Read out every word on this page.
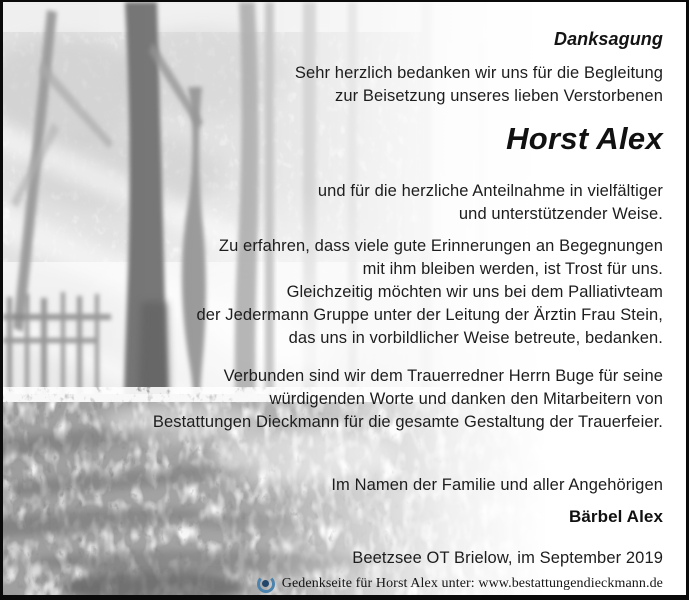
Danksagung
Sehr herzlich bedanken wir uns für die Begleitung
zur Beisetzung unseres lieben Verstorbenen
Horst Alex
und für die herzliche Anteilnahme in vielfältiger
und unterstützender Weise.
Zu erfahren, dass viele gute Erinnerungen an Begegnungen
mit ihm bleiben werden, ist Trost für uns.
Gleichzeitig möchten wir uns bei dem Palliativteam
der Jedermann Gruppe unter der Leitung der Ärztin Frau Stein,
das uns in vorbildlicher Weise betreute, bedanken.
Verbunden sind wir dem Trauerredner Herrn Buge für seine
würdigenden Worte und danken den Mitarbeitern von
Bestattungen Dieckmann für die gesamte Gestaltung der Trauerfeier.
Im Namen der Familie und aller Angehörigen
Bärbel Alex
Beetzsee OT Brielow, im September 2019
Gedenkseite für Horst Alex unter: www.bestattungendieckmann.de
